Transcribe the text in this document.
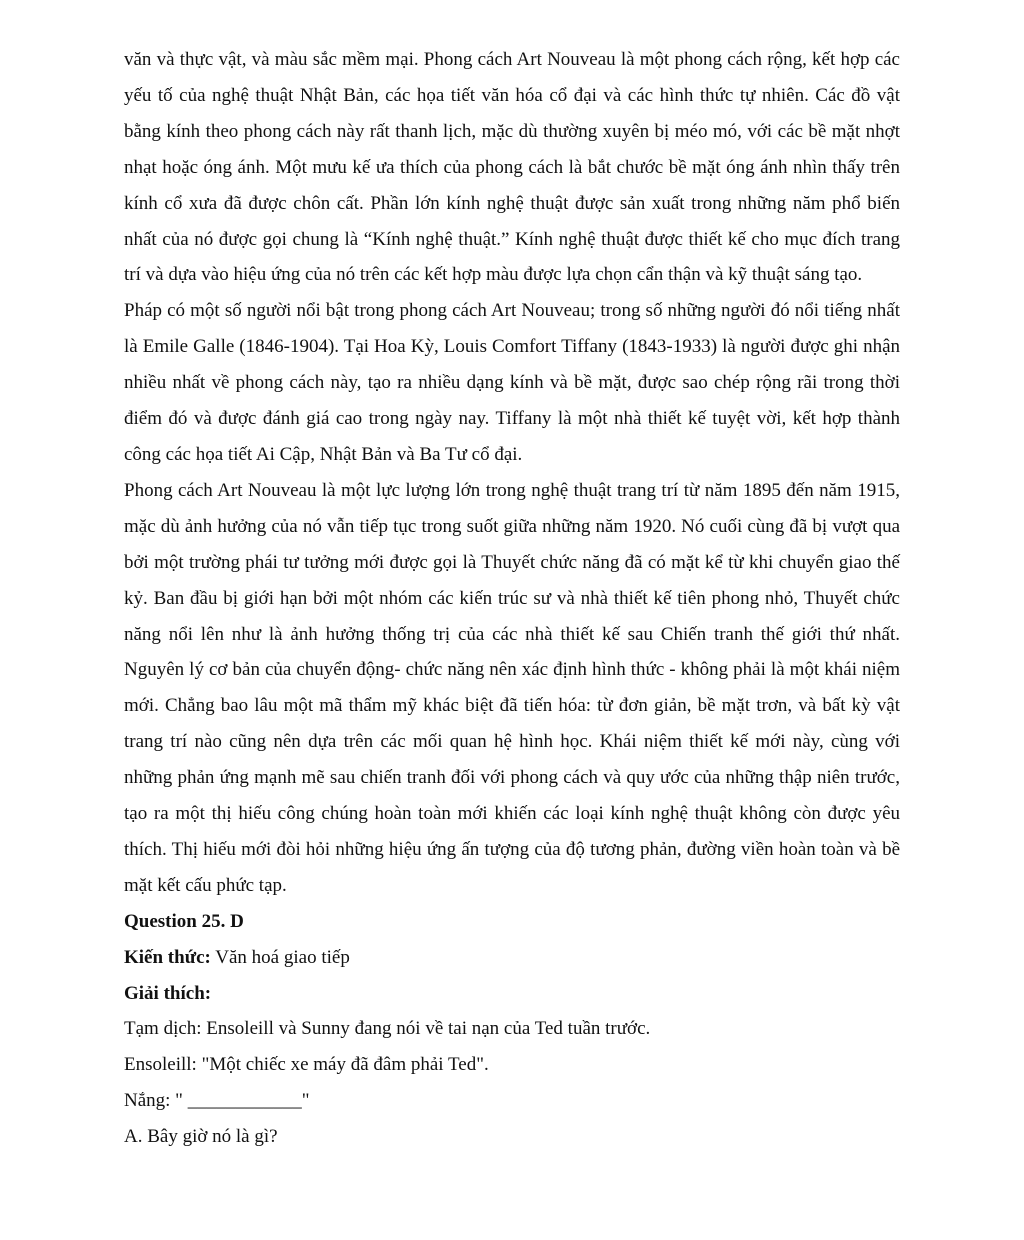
văn và thực vật, và màu sắc mềm mại. Phong cách Art Nouveau là một phong cách rộng, kết hợp các yếu tố của nghệ thuật Nhật Bản, các họa tiết văn hóa cổ đại và các hình thức tự nhiên. Các đồ vật bằng kính theo phong cách này rất thanh lịch, mặc dù thường xuyên bị méo mó, với các bề mặt nhợt nhạt hoặc óng ánh. Một mưu kế ưa thích của phong cách là bắt chước bề mặt óng ánh nhìn thấy trên kính cổ xưa đã được chôn cất. Phần lớn kính nghệ thuật được sản xuất trong những năm phổ biến nhất của nó được gọi chung là “Kính nghệ thuật.” Kính nghệ thuật được thiết kế cho mục đích trang trí và dựa vào hiệu ứng của nó trên các kết hợp màu được lựa chọn cẩn thận và kỹ thuật sáng tạo.

Pháp có một số người nổi bật trong phong cách Art Nouveau; trong số những người đó nổi tiếng nhất là Emile Galle (1846-1904). Tại Hoa Kỳ, Louis Comfort Tiffany (1843-1933) là người được ghi nhận nhiều nhất về phong cách này, tạo ra nhiều dạng kính và bề mặt, được sao chép rộng rãi trong thời điểm đó và được đánh giá cao trong ngày nay. Tiffany là một nhà thiết kế tuyệt vời, kết hợp thành công các họa tiết Ai Cập, Nhật Bản và Ba Tư cổ đại.

Phong cách Art Nouveau là một lực lượng lớn trong nghệ thuật trang trí từ năm 1895 đến năm 1915, mặc dù ảnh hưởng của nó vẫn tiếp tục trong suốt giữa những năm 1920. Nó cuối cùng đã bị vượt qua bởi một trường phái tư tưởng mới được gọi là Thuyết chức năng đã có mặt kể từ khi chuyển giao thế kỷ. Ban đầu bị giới hạn bởi một nhóm các kiến trúc sư và nhà thiết kế tiên phong nhỏ, Thuyết chức năng nổi lên như là ảnh hưởng thống trị của các nhà thiết kế sau Chiến tranh thế giới thứ nhất. Nguyên lý cơ bản của chuyển động- chức năng nên xác định hình thức - không phải là một khái niệm mới. Chẳng bao lâu một mã thẩm mỹ khác biệt đã tiến hóa: từ đơn giản, bề mặt trơn, và bất kỳ vật trang trí nào cũng nên dựa trên các mối quan hệ hình học. Khái niệm thiết kế mới này, cùng với những phản ứng mạnh mẽ sau chiến tranh đối với phong cách và quy ước của những thập niên trước, tạo ra một thị hiếu công chúng hoàn toàn mới khiến các loại kính nghệ thuật không còn được yêu thích. Thị hiếu mới đòi hỏi những hiệu ứng ấn tượng của độ tương phản, đường viền hoàn toàn và bề mặt kết cấu phức tạp.

Question 25. D

Kiến thức: Văn hoá giao tiếp

Giải thích:

Tạm dịch: Ensoleill và Sunny đang nói về tai nạn của Ted tuần trước.

Ensoleill: "Một chiếc xe máy đã đâm phải Ted".

Nắng: " ____________"

A. Bây giờ nó là gì?
